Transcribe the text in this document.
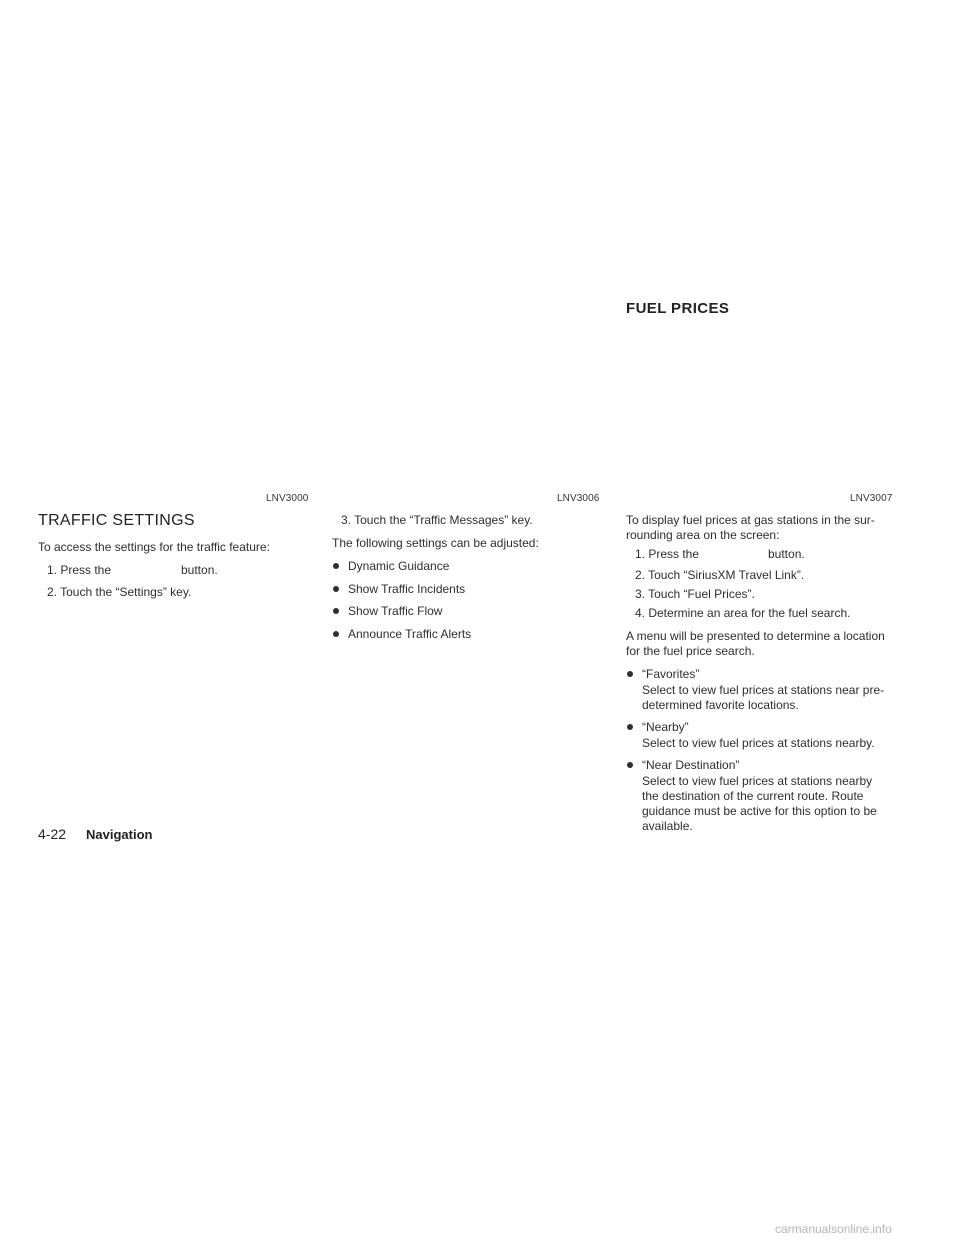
LNV3000	LNV3006	LNV3007
FUEL PRICES
TRAFFIC SETTINGS
To access the settings for the traffic feature:
1. Press the	button.
2. Touch the “Settings” key.
3. Touch the “Traffic Messages” key.
The following settings can be adjusted:
Dynamic Guidance
Show Traffic Incidents
Show Traffic Flow
Announce Traffic Alerts
To display fuel prices at gas stations in the sur-
rounding area on the screen:
1. Press the	button.
2. Touch “SiriusXM Travel Link”.
3. Touch “Fuel Prices”.
4. Determine an area for the fuel search.
A menu will be presented to determine a location
for the fuel price search.
“Favorites”
Select to view fuel prices at stations near pre-
determined favorite locations.
“Nearby”
Select to view fuel prices at stations nearby.
“Near Destination”
Select to view fuel prices at stations nearby
the destination of the current route. Route
guidance must be active for this option to be
available.
4-22 Navigation
carmanualsonline.info
